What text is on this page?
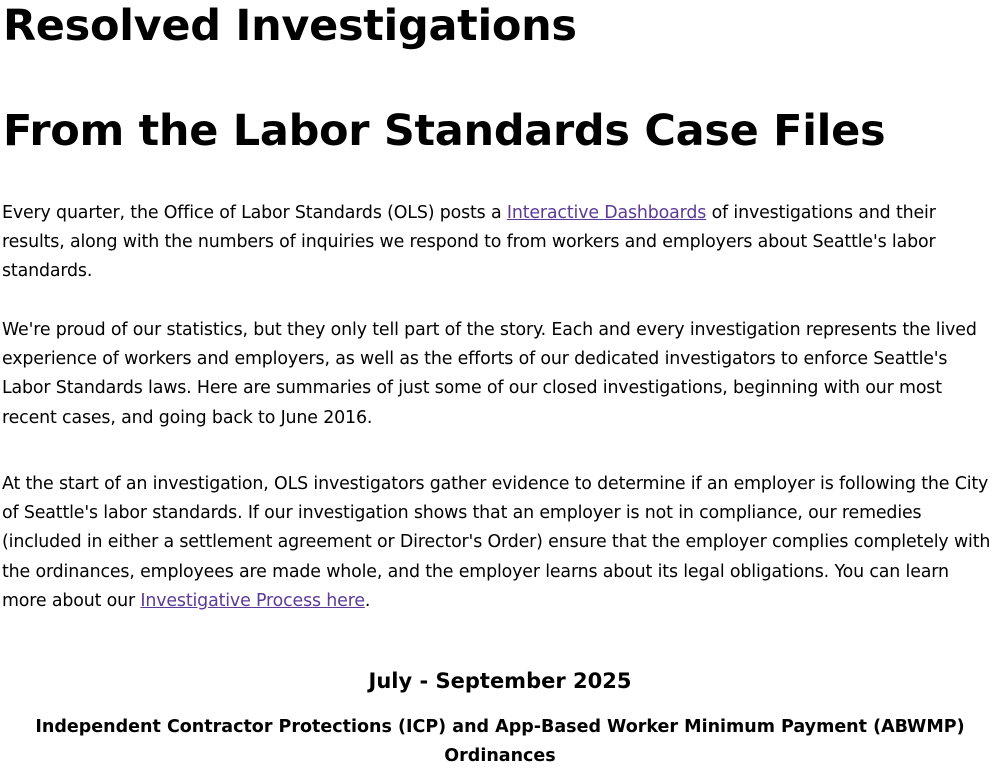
Resolved Investigations
From the Labor Standards Case Files

Every quarter, the Office of Labor Standards (OLS) posts a Interactive Dashboards of investigations and their results, along with the numbers of inquiries we respond to from workers and employers about Seattle's labor standards.

We're proud of our statistics, but they only tell part of the story. Each and every investigation represents the lived experience of workers and employers, as well as the efforts of our dedicated investigators to enforce Seattle's Labor Standards laws. Here are summaries of just some of our closed investigations, beginning with our most recent cases, and going back to June 2016.

At the start of an investigation, OLS investigators gather evidence to determine if an employer is following the City of Seattle's labor standards. If our investigation shows that an employer is not in compliance, our remedies (included in either a settlement agreement or Director's Order) ensure that the employer complies completely with the ordinances, employees are made whole, and the employer learns about its legal obligations. You can learn more about our Investigative Process here.

July - September 2025
Independent Contractor Protections (ICP) and App-Based Worker Minimum Payment (ABWMP) Ordinances
